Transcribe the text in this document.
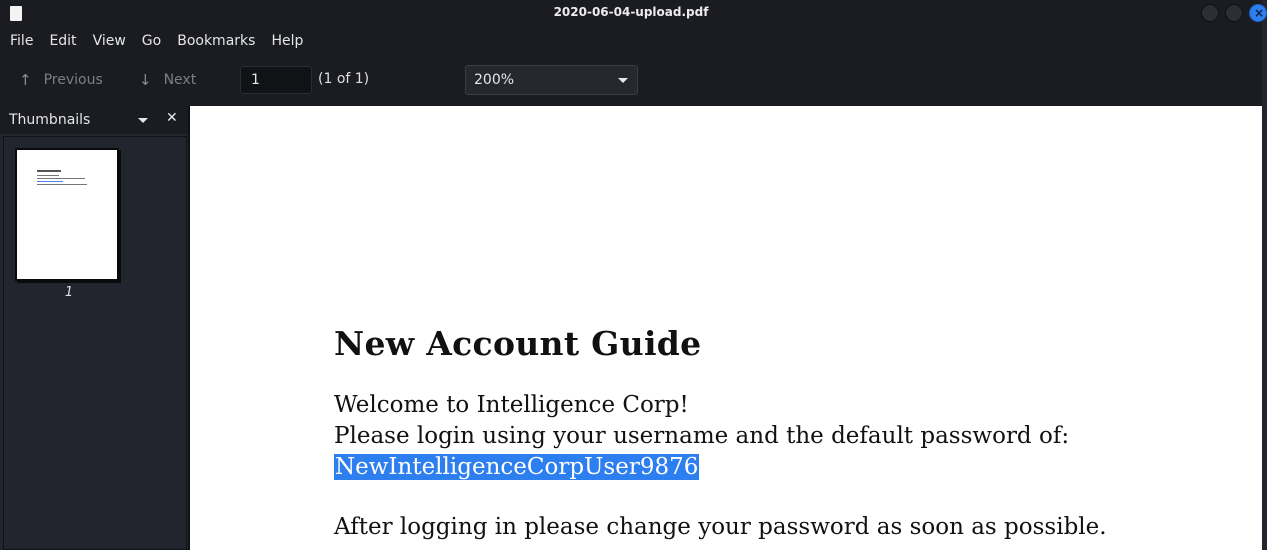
2020-06-04-upload.pdf	×
File	Edit	View	Go	Bookmarks	Help
↑ Previous ↓ Next	1	(1 of 1)	200%
Thumbnails	✕
1
New Account Guide
Welcome to Intelligence Corp!
Please login using your username and the default password of:
NewIntelligenceCorpUser9876
After logging in please change your password as soon as possible.
